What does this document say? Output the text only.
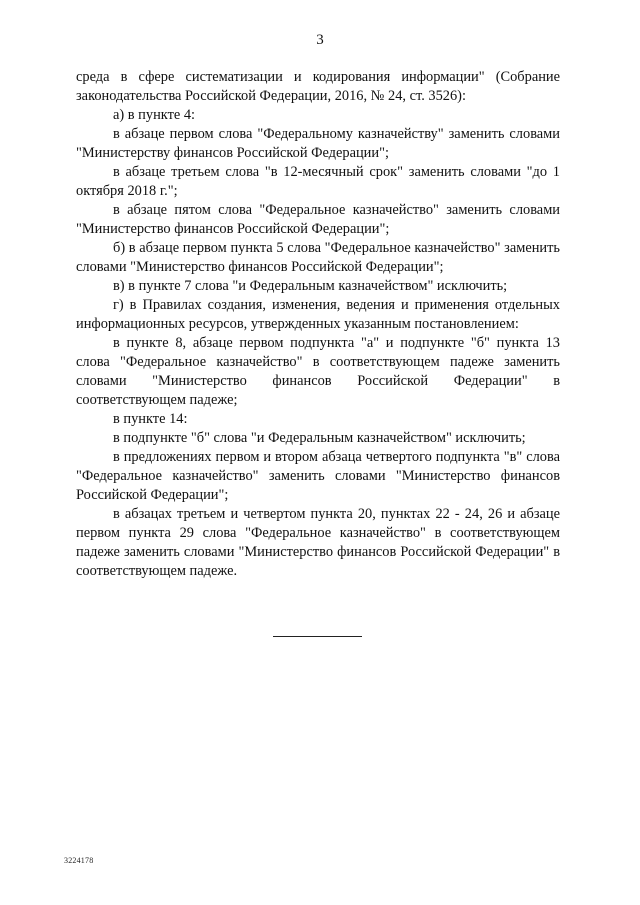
3

среда в сфере систематизации и кодирования информации" (Собрание законодательства Российской Федерации, 2016, № 24, ст. 3526):

а) в пункте 4:

в абзаце первом слова "Федеральному казначейству" заменить словами "Министерству финансов Российской Федерации";

в абзаце третьем слова "в 12-месячный срок" заменить словами "до 1 октября 2018 г.";

в абзаце пятом слова "Федеральное казначейство" заменить словами "Министерство финансов Российской Федерации";

б) в абзаце первом пункта 5 слова "Федеральное казначейство" заменить словами "Министерство финансов Российской Федерации";

в) в пункте 7 слова "и Федеральным казначейством" исключить;

г) в Правилах создания, изменения, ведения и применения отдельных информационных ресурсов, утвержденных указанным постановлением:

в пункте 8, абзаце первом подпункта "а" и подпункте "б" пункта 13 слова "Федеральное казначейство" в соответствующем падеже заменить словами "Министерство финансов Российской Федерации" в соответствующем падеже;

в пункте 14:

в подпункте "б" слова "и Федеральным казначейством" исключить;

в предложениях первом и втором абзаца четвертого подпункта "в" слова "Федеральное казначейство" заменить словами "Министерство финансов Российской Федерации";

в абзацах третьем и четвертом пункта 20, пунктах 22 - 24, 26 и абзаце первом пункта 29 слова "Федеральное казначейство" в соответствующем падеже заменить словами "Министерство финансов Российской Федерации" в соответствующем падеже.

3224178
